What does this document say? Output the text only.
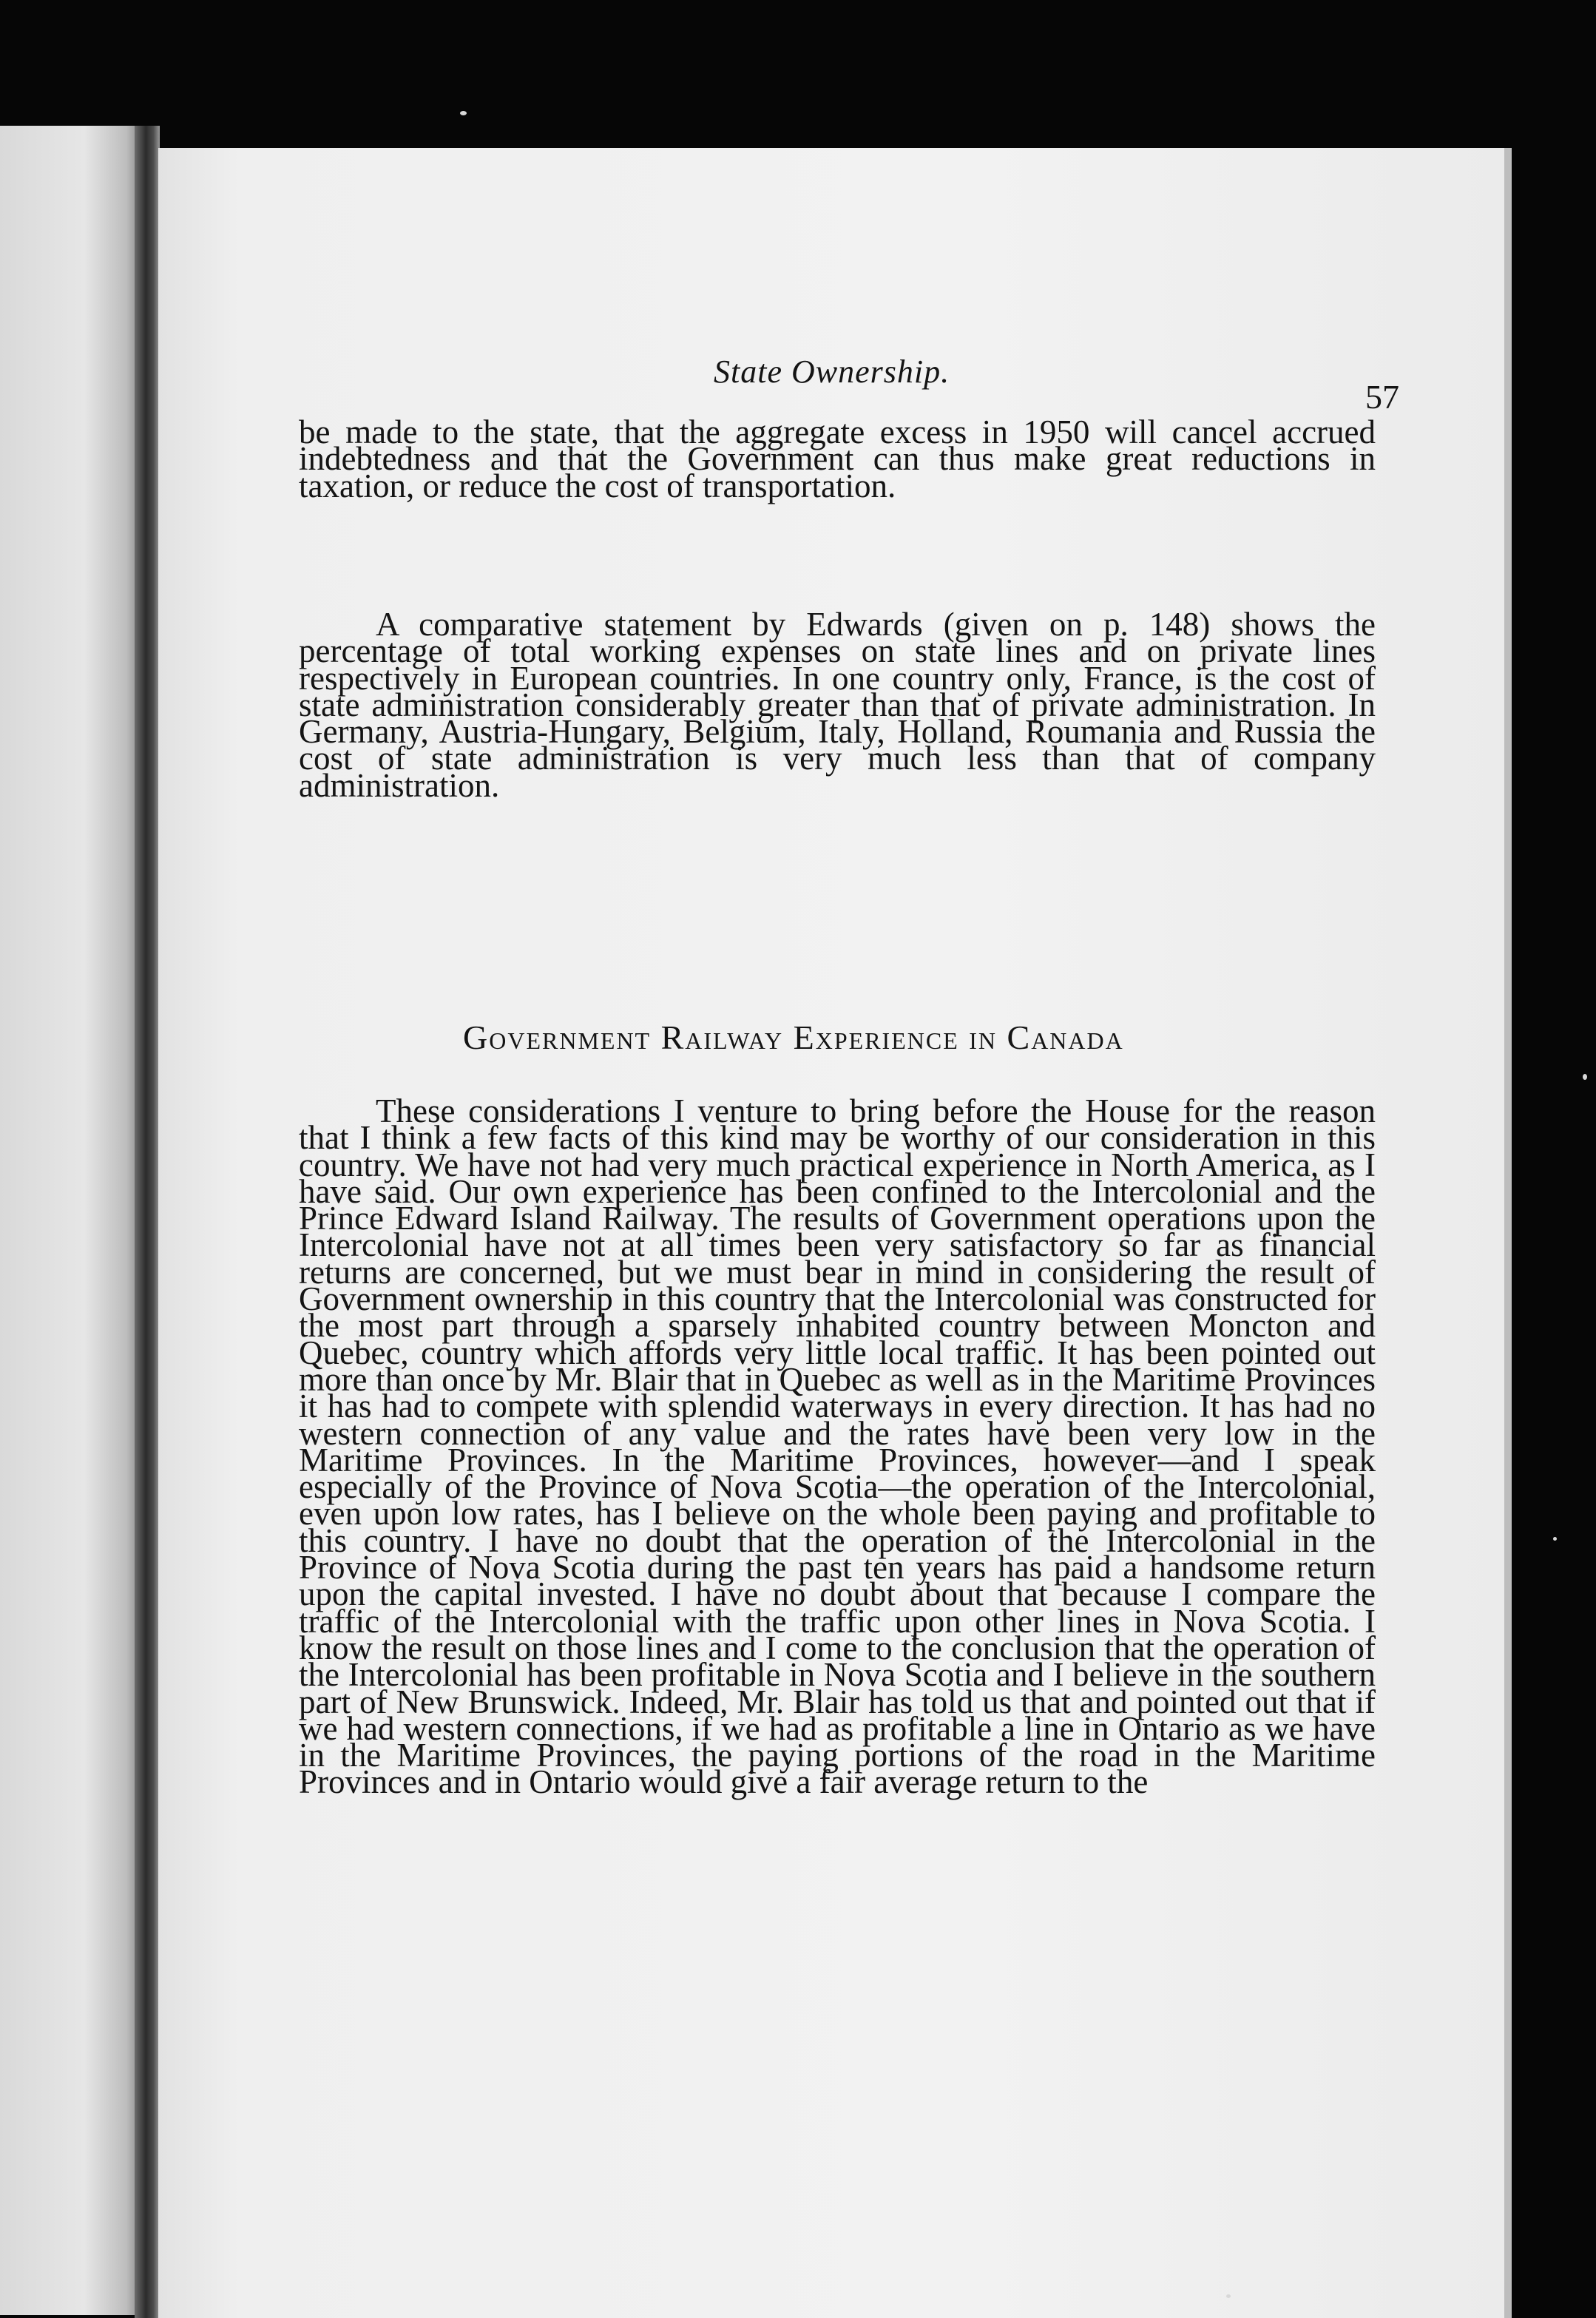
State Ownership.
57

be made to the state, that the aggregate excess in 1950 will cancel accrued indebtedness and that the Government can thus make great reductions in taxation, or reduce the cost of transportation.

A comparative statement by Edwards (given on p. 148) shows the percentage of total working expenses on state lines and on private lines respectively in European countries. In one country only, France, is the cost of state administration considerably greater than that of private administration. In Germany, Austria-Hungary, Belgium, Italy, Holland, Roumania and Russia the cost of state administration is very much less than that of company administration.

Government Railway Experience in Canada

These considerations I venture to bring before the House for the reason that I think a few facts of this kind may be worthy of our consideration in this country. We have not had very much practical experience in North America, as I have said. Our own experience has been confined to the Intercolonial and the Prince Edward Island Railway. The results of Government operations upon the Intercolonial have not at all times been very satisfactory so far as financial returns are concerned, but we must bear in mind in considering the result of Government ownership in this country that the Intercolonial was constructed for the most part through a sparsely inhabited country between Moncton and Quebec, country which affords very little local traffic. It has been pointed out more than once by Mr. Blair that in Quebec as well as in the Maritime Provinces it has had to compete with splendid waterways in every direction. It has had no western connection of any value and the rates have been very low in the Maritime Provinces. In the Maritime Provinces, however—and I speak especially of the Province of Nova Scotia—the operation of the Intercolonial, even upon low rates, has I believe on the whole been paying and profitable to this country. I have no doubt that the operation of the Intercolonial in the Province of Nova Scotia during the past ten years has paid a handsome return upon the capital invested. I have no doubt about that because I compare the traffic of the Intercolonial with the traffic upon other lines in Nova Scotia. I know the result on those lines and I come to the conclusion that the operation of the Intercolonial has been profitable in Nova Scotia and I believe in the southern part of New Brunswick. Indeed, Mr. Blair has told us that and pointed out that if we had western connections, if we had as profitable a line in Ontario as we have in the Maritime Provinces, the paying portions of the road in the Maritime Provinces and in Ontario would give a fair average return to the
